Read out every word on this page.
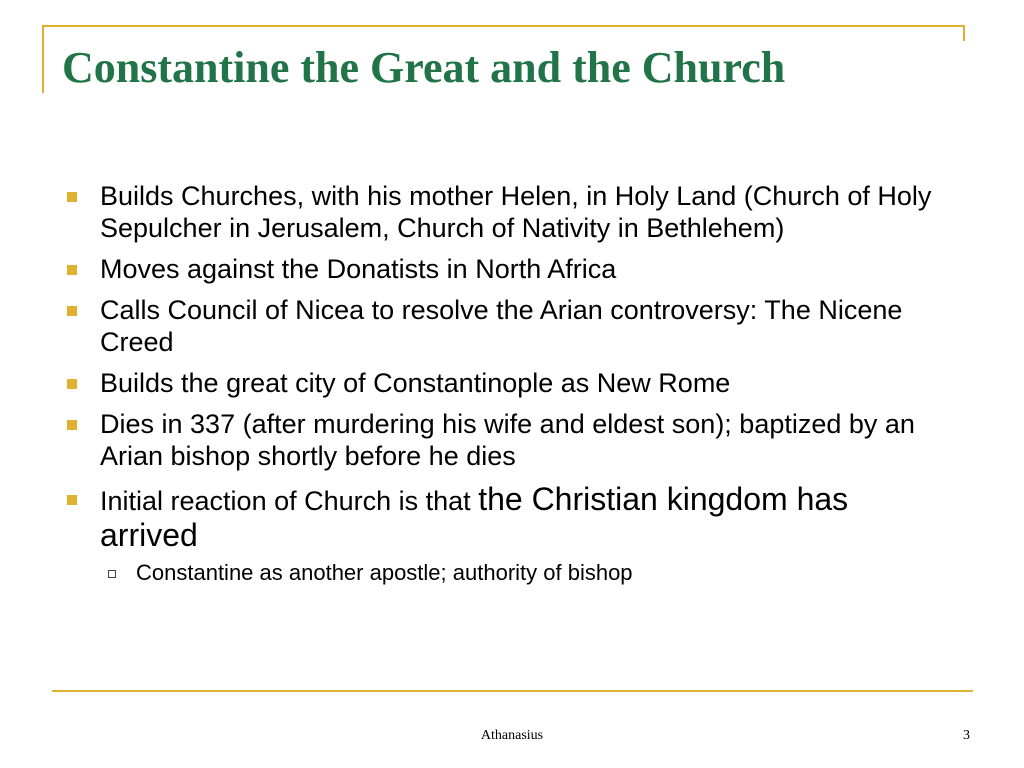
Constantine the Great and the Church
Builds Churches, with his mother Helen, in Holy Land (Church of Holy Sepulcher in Jerusalem, Church of Nativity in Bethlehem)
Moves against the Donatists in North Africa
Calls Council of Nicea to resolve the Arian controversy: The Nicene Creed
Builds the great city of Constantinople as New Rome
Dies in 337 (after murdering his wife and eldest son); baptized by an Arian bishop shortly before he dies
Initial reaction of Church is that the Christian kingdom has arrived
Constantine as another apostle; authority of bishop
Athanasius	3
